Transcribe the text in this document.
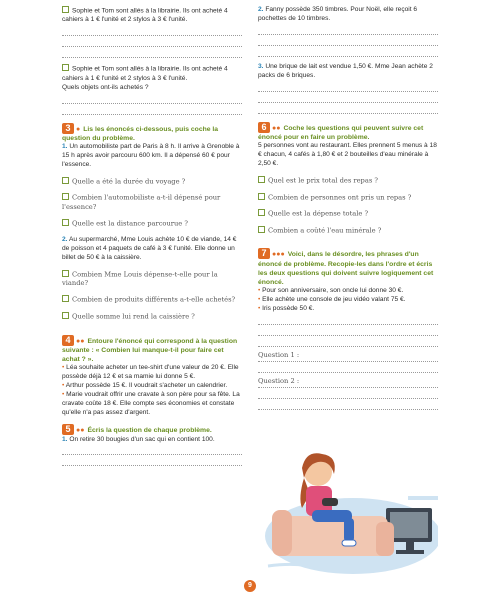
Sophie et Tom sont allés à la librairie. Ils ont acheté 4 cahiers à 1 € l'unité et 2 stylos à 3 € l'unité.

Sophie et Tom sont allés à la librairie. Ils ont acheté 4 cahiers à 1 € l'unité et 2 stylos à 3 € l'unité.

Quels objets ont-ils achetés ?

3 ● Lis les énoncés ci-dessous, puis coche la question du problème.

1. Un automobiliste part de Paris à 8 h. Il arrive à Grenoble à 15 h après avoir parcouru 600 km. Il a dépensé 60 € pour l'essence.

Quelle a été la durée du voyage ?

Combien l'automobiliste a-t-il dépensé pour l'essence?

Quelle est la distance parcourue ?

2. Au supermarché, Mme Louis achète 10 € de viande, 14 € de poisson et 4 paquets de café à 3 € l'unité. Elle donne un billet de 50 € à la caissière.

Combien Mme Louis dépense-t-elle pour la viande?

Combien de produits différents a-t-elle achetés?

Quelle somme lui rend la caissière ?

4 ●● Entoure l'énoncé qui correspond à la question suivante : « Combien lui manque-t-il pour faire cet achat ? ».

• Léa souhaite acheter un tee-shirt d'une valeur de 20 €. Elle possède déjà 12 € et sa mamie lui donne 5 €.

• Arthur possède 15 €. Il voudrait s'acheter un calendrier.

• Marie voudrait offrir une cravate à son père pour sa fête. La cravate coûte 18 €. Elle compte ses économies et constate qu'elle n'a pas assez d'argent.

5 ●● Écris la question de chaque problème.

1. On retire 30 bougies d'un sac qui en contient 100.

2. Fanny possède 350 timbres. Pour Noël, elle reçoit 6 pochettes de 10 timbres.

3. Une brique de lait est vendue 1,50 €. Mme Jean achète 2 packs de 6 briques.

6 ●● Coche les questions qui peuvent suivre cet énoncé pour en faire un problème.

5 personnes vont au restaurant. Elles prennent 5 menus à 18 € chacun, 4 cafés à 1,80 € et 2 bouteilles d'eau minérale à 2,50 €.

Quel est le prix total des repas ?

Combien de personnes ont pris un repas ?

Quelle est la dépense totale ?

Combien a coûté l'eau minérale ?

7 ●●● Voici, dans le désordre, les phrases d'un énoncé de problème. Recopie-les dans l'ordre et écris les deux questions qui doivent suivre logiquement cet énoncé.

• Pour son anniversaire, son oncle lui donne 30 €.

• Elle achète une console de jeu vidéo valant 75 €.

• Iris possède 50 €.

Question 1 :
Question 2 :
9
